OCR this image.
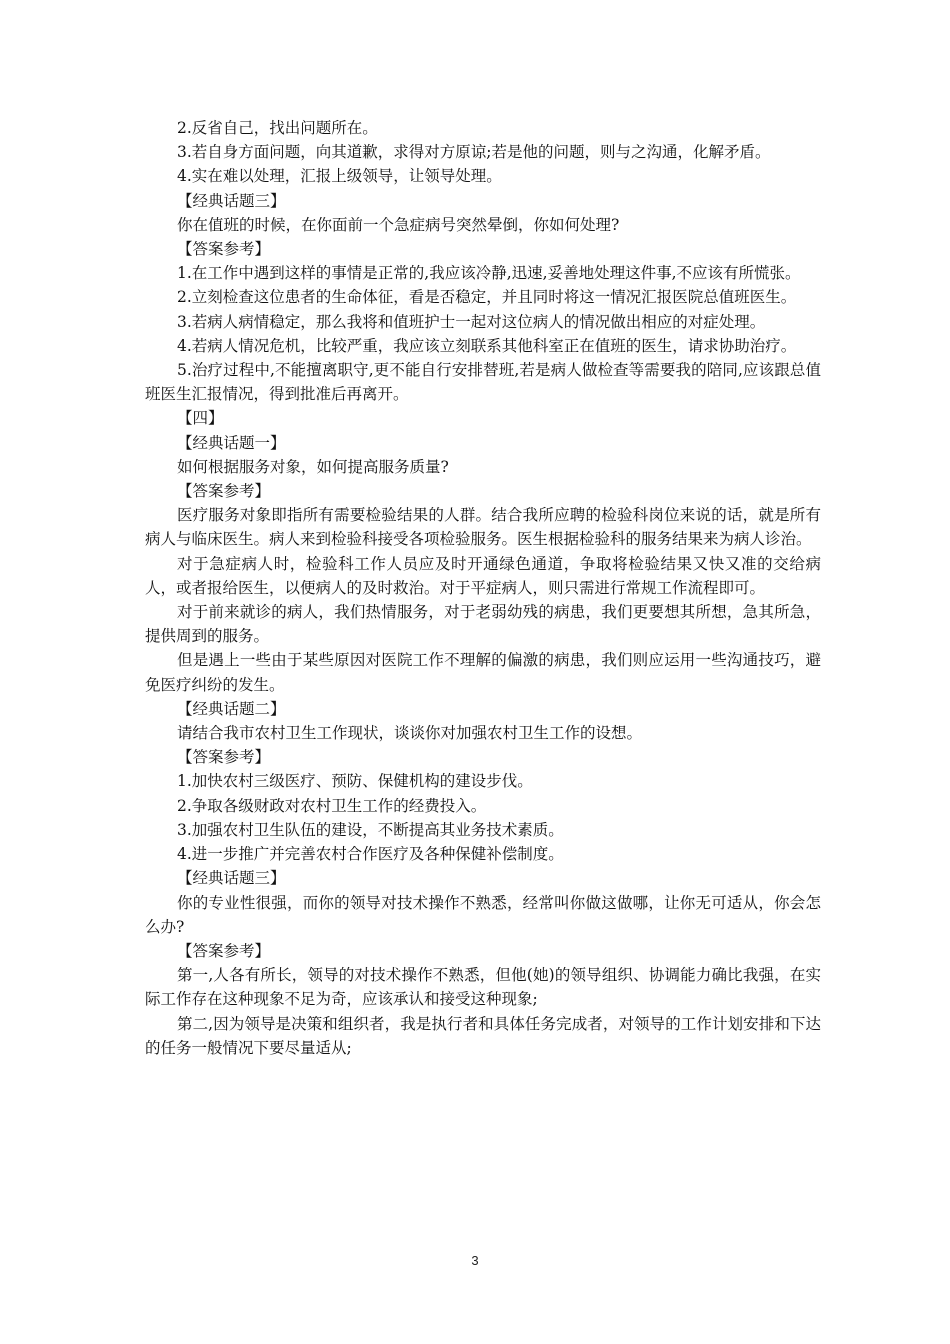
2.反省自己，找出问题所在。

3.若自身方面问题，向其道歉，求得对方原谅;若是他的问题，则与之沟通，化解矛盾。

4.实在难以处理，汇报上级领导，让领导处理。

【经典话题三】

你在值班的时候，在你面前一个急症病号突然晕倒，你如何处理?

【答案参考】

1.在工作中遇到这样的事情是正常的,我应该冷静,迅速,妥善地处理这件事,不应该有所慌张。

2.立刻检查这位患者的生命体征，看是否稳定，并且同时将这一情况汇报医院总值班医生。

3.若病人病情稳定，那么我将和值班护士一起对这位病人的情况做出相应的对症处理。

4.若病人情况危机，比较严重，我应该立刻联系其他科室正在值班的医生，请求协助治疗。

5.治疗过程中,不能擅离职守,更不能自行安排替班,若是病人做检查等需要我的陪同,应该跟总值班医生汇报情况，得到批准后再离开。

【四】

【经典话题一】

如何根据服务对象，如何提高服务质量?

【答案参考】

医疗服务对象即指所有需要检验结果的人群。结合我所应聘的检验科岗位来说的话，就是所有病人与临床医生。病人来到检验科接受各项检验服务。医生根据检验科的服务结果来为病人诊治。

对于急症病人时，检验科工作人员应及时开通绿色通道，争取将检验结果又快又准的交给病人，或者报给医生，以便病人的及时救治。对于平症病人，则只需进行常规工作流程即可。

对于前来就诊的病人，我们热情服务，对于老弱幼残的病患，我们更要想其所想，急其所急，提供周到的服务。

但是遇上一些由于某些原因对医院工作不理解的偏激的病患，我们则应运用一些沟通技巧，避免医疗纠纷的发生。

【经典话题二】

请结合我市农村卫生工作现状，谈谈你对加强农村卫生工作的设想。

【答案参考】

1.加快农村三级医疗、预防、保健机构的建设步伐。

2.争取各级财政对农村卫生工作的经费投入。

3.加强农村卫生队伍的建设，不断提高其业务技术素质。

4.进一步推广并完善农村合作医疗及各种保健补偿制度。

【经典话题三】

你的专业性很强，而你的领导对技术操作不熟悉，经常叫你做这做哪，让你无可适从，你会怎么办?

【答案参考】

第一,人各有所长，领导的对技术操作不熟悉，但他(她)的领导组织、协调能力确比我强，在实际工作存在这种现象不足为奇，应该承认和接受这种现象;

第二,因为领导是决策和组织者，我是执行者和具体任务完成者，对领导的工作计划安排和下达的任务一般情况下要尽量适从;

3
